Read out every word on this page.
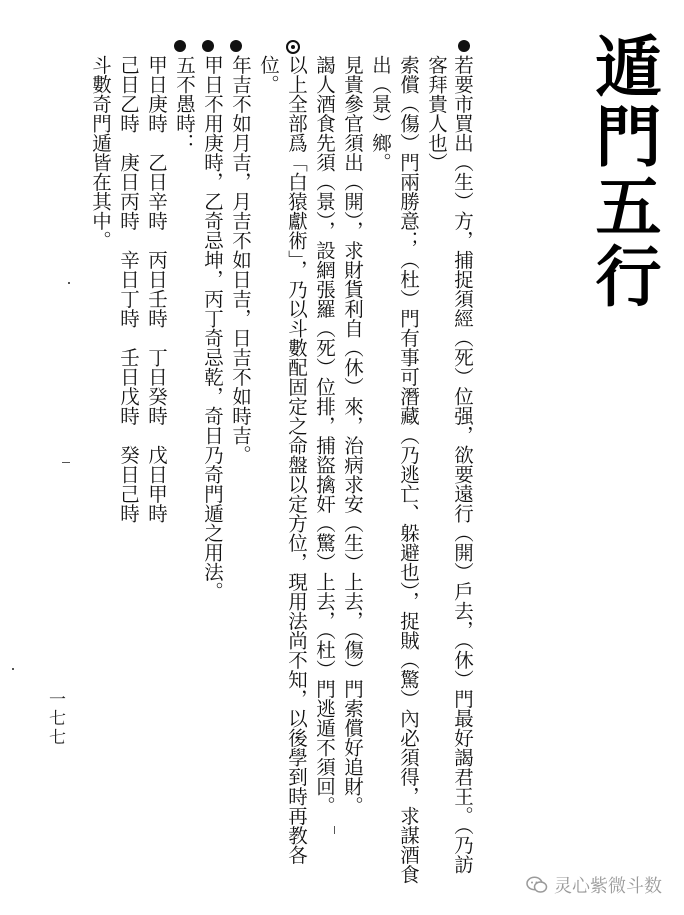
遁門五行
若要市買出（生）方，捕捉須經（死）位强，欲要遠行（開）戶去，（休）門最好謁君王。（乃訪
客拜貴人也）
索償（傷）門兩勝意；（杜）門有事可潛藏（乃逃亡、躲避也），捉賊（驚）內必須得，求謀酒食
出（景）鄉。
見貴參官須出（開），求財貨利自（休）來，治病求安（生）上去，（傷）門索償好追財。
謁人酒食先須（景），設網張羅（死）位排，捕盜擒奸（驚）上去，（杜）門逃遁不須回。
以上全部爲「白猿獻術」，乃以斗數配固定之命盤以定方位，現用法尚不知，以後學到時再教各
位。
年吉不如月吉，月吉不如日吉，日吉不如時吉。
甲日不用庚時，乙奇忌坤，丙丁奇忌乾，奇日乃奇門遁之用法。
五不愚時：
甲日庚時　乙日辛時　丙日壬時　丁日癸時　戊日甲時
己日乙時　庚日丙時　辛日丁時　壬日戊時　癸日己時
斗數奇門遁皆在其中。
一七七
灵心紫微斗数
